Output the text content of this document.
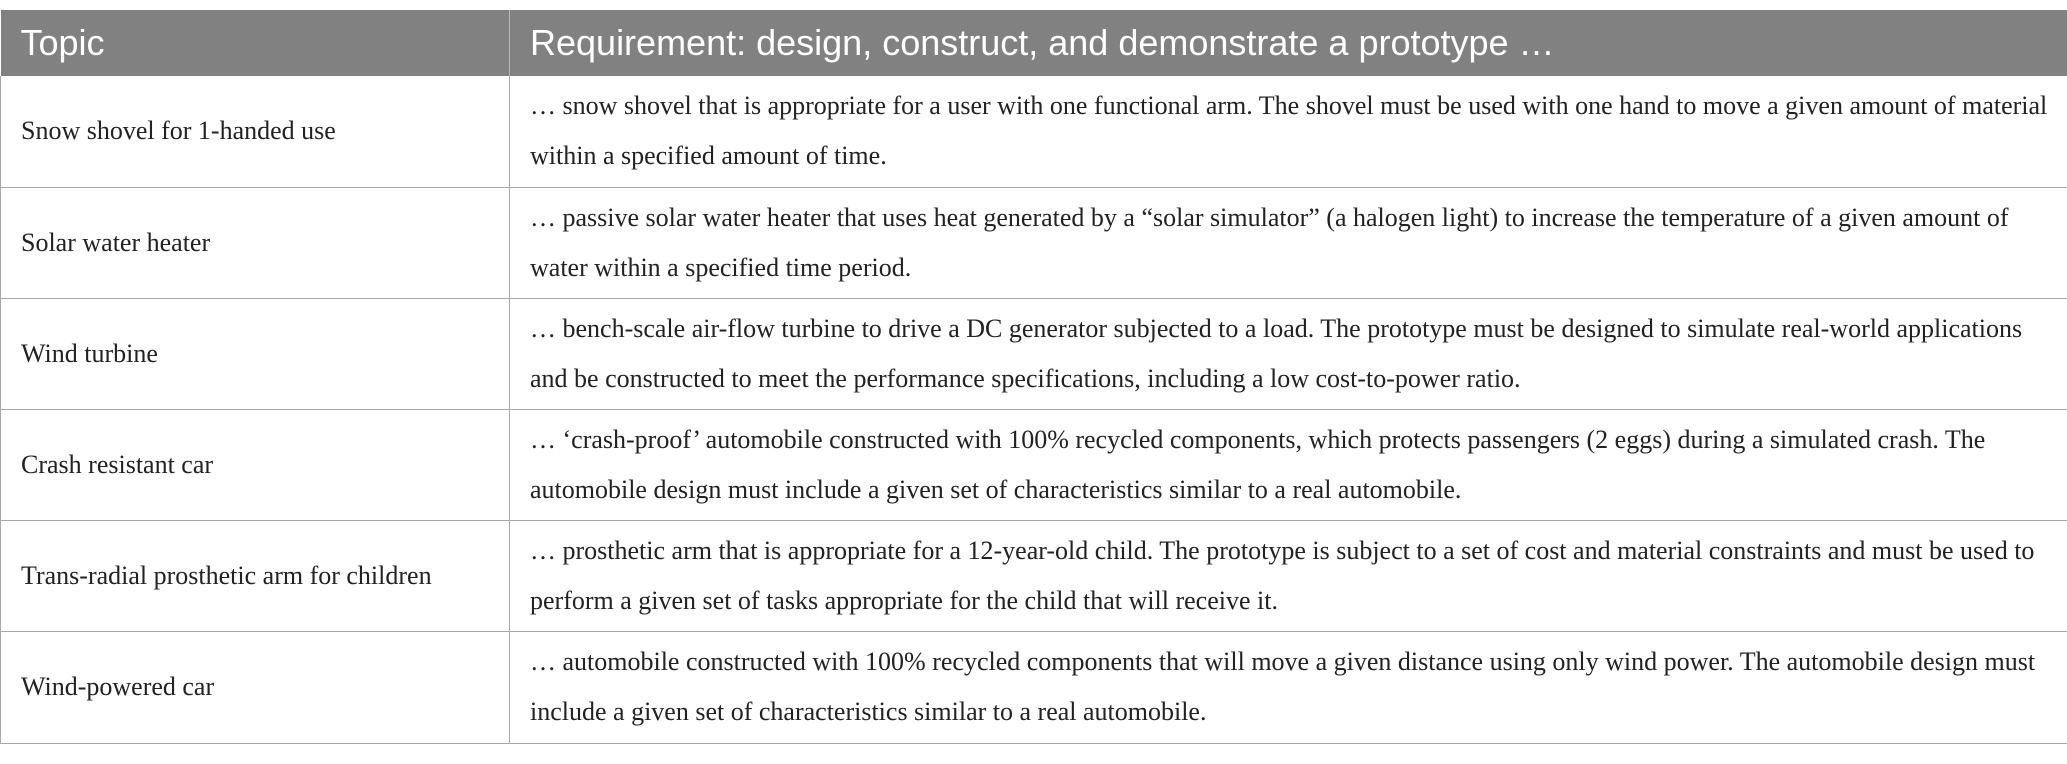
Topic	Requirement: design, construct, and demonstrate a prototype …
Snow shovel for 1-handed use	… snow shovel that is appropriate for a user with one functional arm. The shovel must be used with one hand to move a given amount of material within a specified amount of time.
Solar water heater	… passive solar water heater that uses heat generated by a “solar simulator” (a halogen light) to increase the temperature of a given amount of water within a specified time period.
Wind turbine	… bench-scale air-flow turbine to drive a DC generator subjected to a load. The prototype must be designed to simulate real-world applications and be constructed to meet the performance specifications, including a low cost-to-power ratio.
Crash resistant car	… ‘crash-proof’ automobile constructed with 100% recycled components, which protects passengers (2 eggs) during a simulated crash. The automobile design must include a given set of characteristics similar to a real automobile.
Trans-radial prosthetic arm for children	… prosthetic arm that is appropriate for a 12-year-old child. The prototype is subject to a set of cost and material constraints and must be used to perform a given set of tasks appropriate for the child that will receive it.
Wind-powered car	… automobile constructed with 100% recycled components that will move a given distance using only wind power. The automobile design must include a given set of characteristics similar to a real automobile.
